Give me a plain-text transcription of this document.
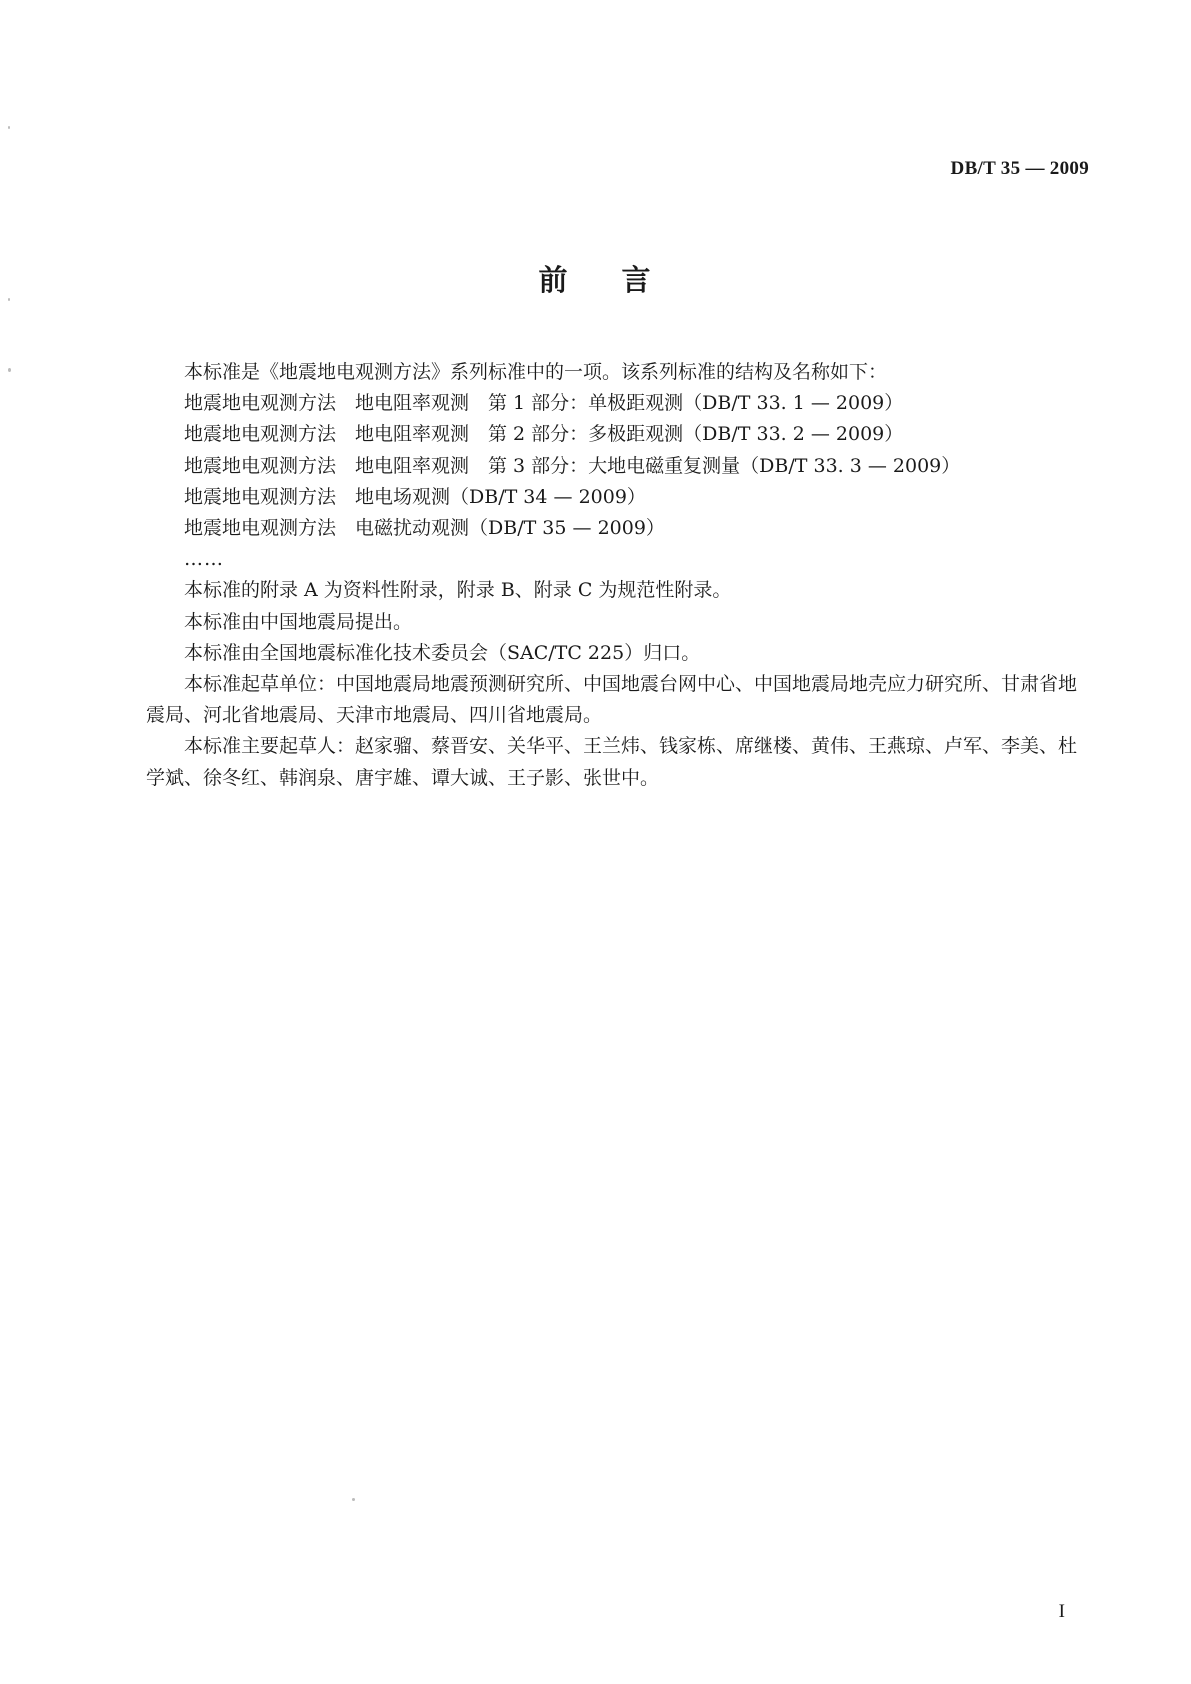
DB/T 35 — 2009
前 言

本标准是《地震地电观测方法》系列标准中的一项。该系列标准的结构及名称如下：

地震地电观测方法　地电阻率观测　第 1 部分：单极距观测（DB/T 33. 1 — 2009）

地震地电观测方法　地电阻率观测　第 2 部分：多极距观测（DB/T 33. 2 — 2009）

地震地电观测方法　地电阻率观测　第 3 部分：大地电磁重复测量（DB/T 33. 3 — 2009）

地震地电观测方法　地电场观测（DB/T 34 — 2009）

地震地电观测方法　电磁扰动观测（DB/T 35 — 2009）

……

本标准的附录 A 为资料性附录，附录 B、附录 C 为规范性附录。

本标准由中国地震局提出。

本标准由全国地震标准化技术委员会（SAC/TC 225）归口。

本标准起草单位：中国地震局地震预测研究所、中国地震台网中心、中国地震局地壳应力研究所、甘肃省地震局、河北省地震局、天津市地震局、四川省地震局。

本标准主要起草人：赵家骝、蔡晋安、关华平、王兰炜、钱家栋、席继楼、黄伟、王燕琼、卢军、李美、杜学斌、徐冬红、韩润泉、唐宇雄、谭大诚、王子影、张世中。

I
